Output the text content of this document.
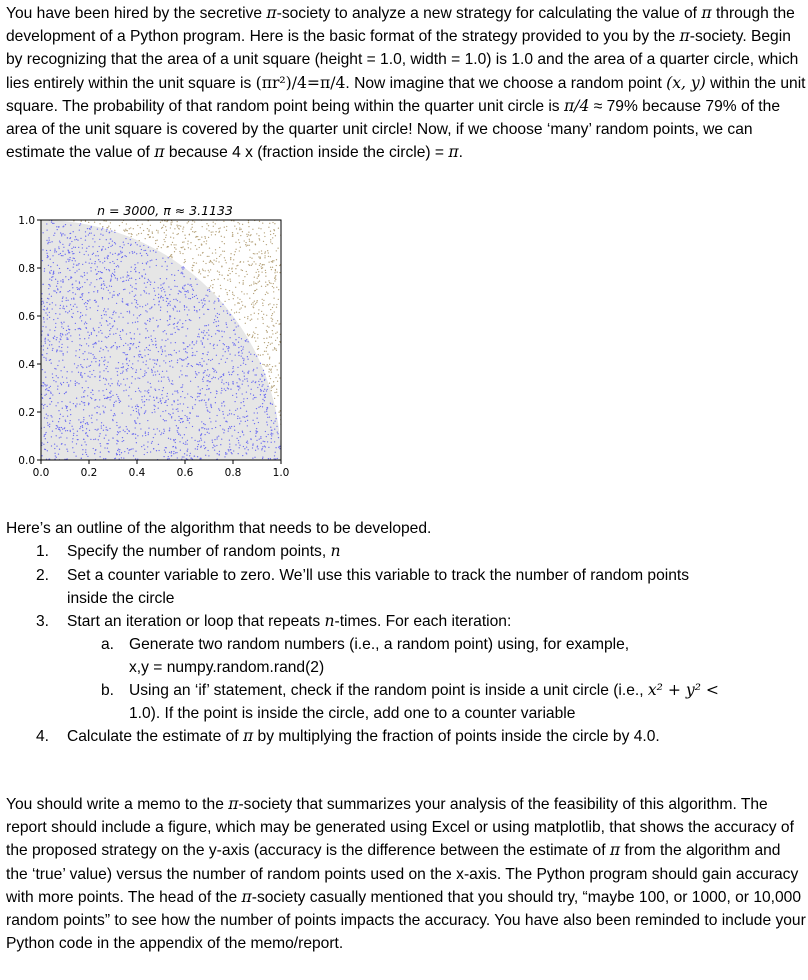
You have been hired by the secretive π-society to analyze a new strategy for calculating the value of π through the development of a Python program. Here is the basic format of the strategy provided to you by the π-society. Begin by recognizing that the area of a unit square (height = 1.0, width = 1.0) is 1.0 and the area of a quarter circle, which lies entirely within the unit square is (πr²)/4=π/4. Now imagine that we choose a random point (x, y) within the unit square. The probability of that random point being within the quarter unit circle is π/4 ≈ 79% because 79% of the area of the unit square is covered by the quarter unit circle! Now, if we choose ‘many’ random points, we can estimate the value of π because 4 x (fraction inside the circle) = π.
n = 3000, π ≈ 3.1133
0.0	0.2	0.4	0.6	0.8	1.0
0.0
0.2
0.4
0.6
0.8
1.0
Here’s an outline of the algorithm that needs to be developed.
1. Specify the number of random points, n
2. Set a counter variable to zero. We’ll use this variable to track the number of random points
inside the circle
3. Start an iteration or loop that repeats n-times. For each iteration:
a. Generate two random numbers (i.e., a random point) using, for example,
x,y = numpy.random.rand(2)
b. Using an ‘if’ statement, check if the random point is inside a unit circle (i.e., x² + y² <
1.0). If the point is inside the circle, add one to a counter variable
4. Calculate the estimate of π by multiplying the fraction of points inside the circle by 4.0.
You should write a memo to the π-society that summarizes your analysis of the feasibility of this algorithm. The report should include a figure, which may be generated using Excel or using matplotlib, that shows the accuracy of the proposed strategy on the y-axis (accuracy is the difference between the estimate of π from the algorithm and the ‘true’ value) versus the number of random points used on the x-axis. The Python program should gain accuracy with more points. The head of the π-society casually mentioned that you should try, “maybe 100, or 1000, or 10,000 random points” to see how the number of points impacts the accuracy. You have also been reminded to include your Python code in the appendix of the memo/report.
